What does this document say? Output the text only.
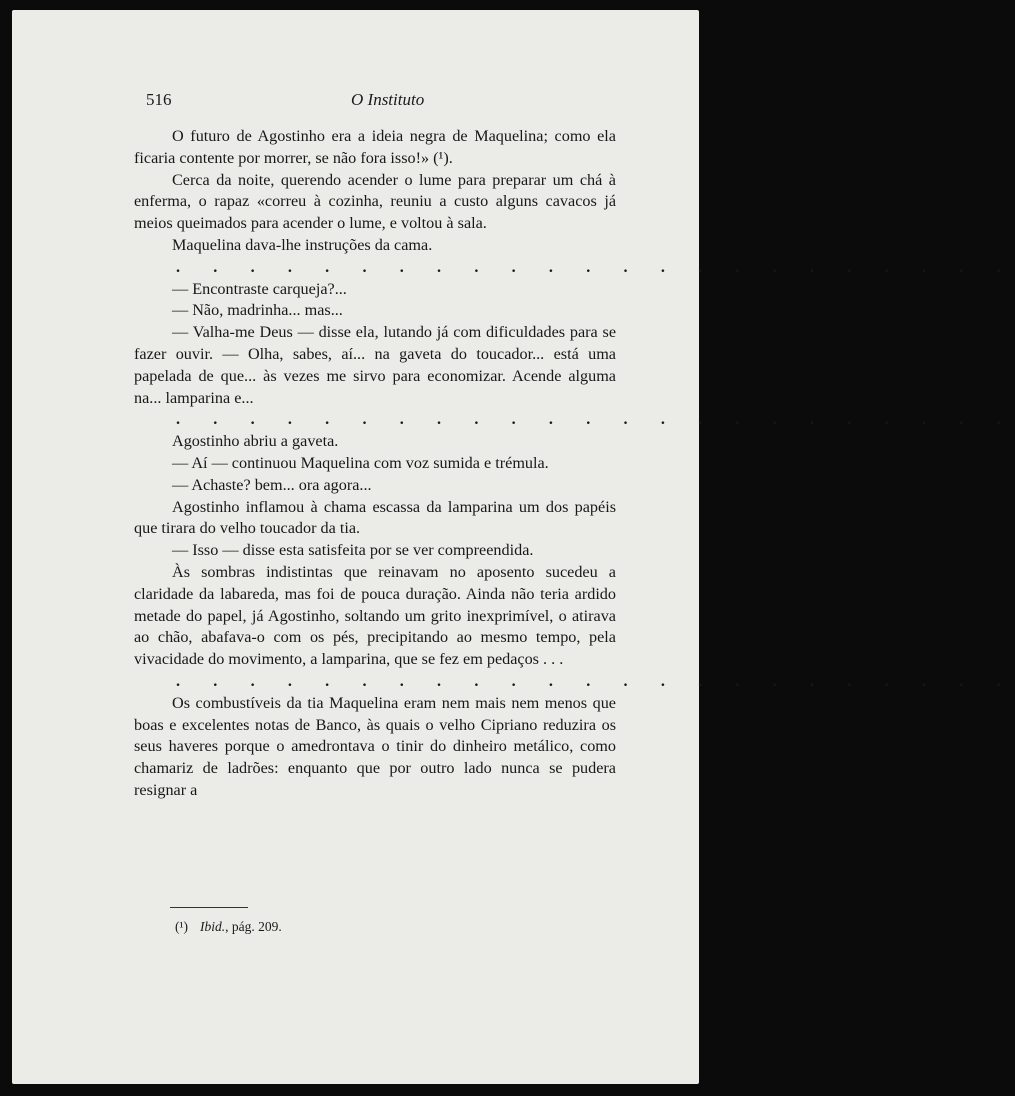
516	O Instituto

O futuro de Agostinho era a ideia negra de Maquelina; como ela ficaria contente por morrer, se não fora isso!» (¹).

Cerca da noite, querendo acender o lume para preparar um chá à enferma, o rapaz «correu à cozinha, reuniu a custo alguns cavacos já meios queimados para acender o lume, e voltou à sala.

Maquelina dava-lhe instruções da cama.

. . . . . . . . . . . . . . . . . . . . . . .

— Encontraste carqueja?...

— Não, madrinha... mas...

— Valha-me Deus — disse ela, lutando já com dificuldades para se fazer ouvir. — Olha, sabes, aí... na gaveta do toucador... está uma papelada de que... às vezes me sirvo para economizar. Acende alguma na... lamparina e...

. . . . . . . . . . . . . . . . . . . . . . .

Agostinho abriu a gaveta.

— Aí — continuou Maquelina com voz sumida e trémula.

— Achaste? bem... ora agora...

Agostinho inflamou à chama escassa da lamparina um dos papéis que tirara do velho toucador da tia.

— Isso — disse esta satisfeita por se ver compreendida.

Às sombras indistintas que reinavam no aposento sucedeu a claridade da labareda, mas foi de pouca duração. Ainda não teria ardido metade do papel, já Agostinho, soltando um grito inexprimível, o atirava ao chão, abafava-o com os pés, precipitando ao mesmo tempo, pela vivacidade do movimento, a lamparina, que se fez em pedaços . . .

. . . . . . . . . . . . . . . . . . . . . . .

Os combustíveis da tia Maquelina eram nem mais nem menos que boas e excelentes notas de Banco, às quais o velho Cipriano reduzira os seus haveres porque o amedrontava o tinir do dinheiro metálico, como chamariz de ladrões: enquanto que por outro lado nunca se pudera resignar a

(¹) Ibid., pág. 209.
